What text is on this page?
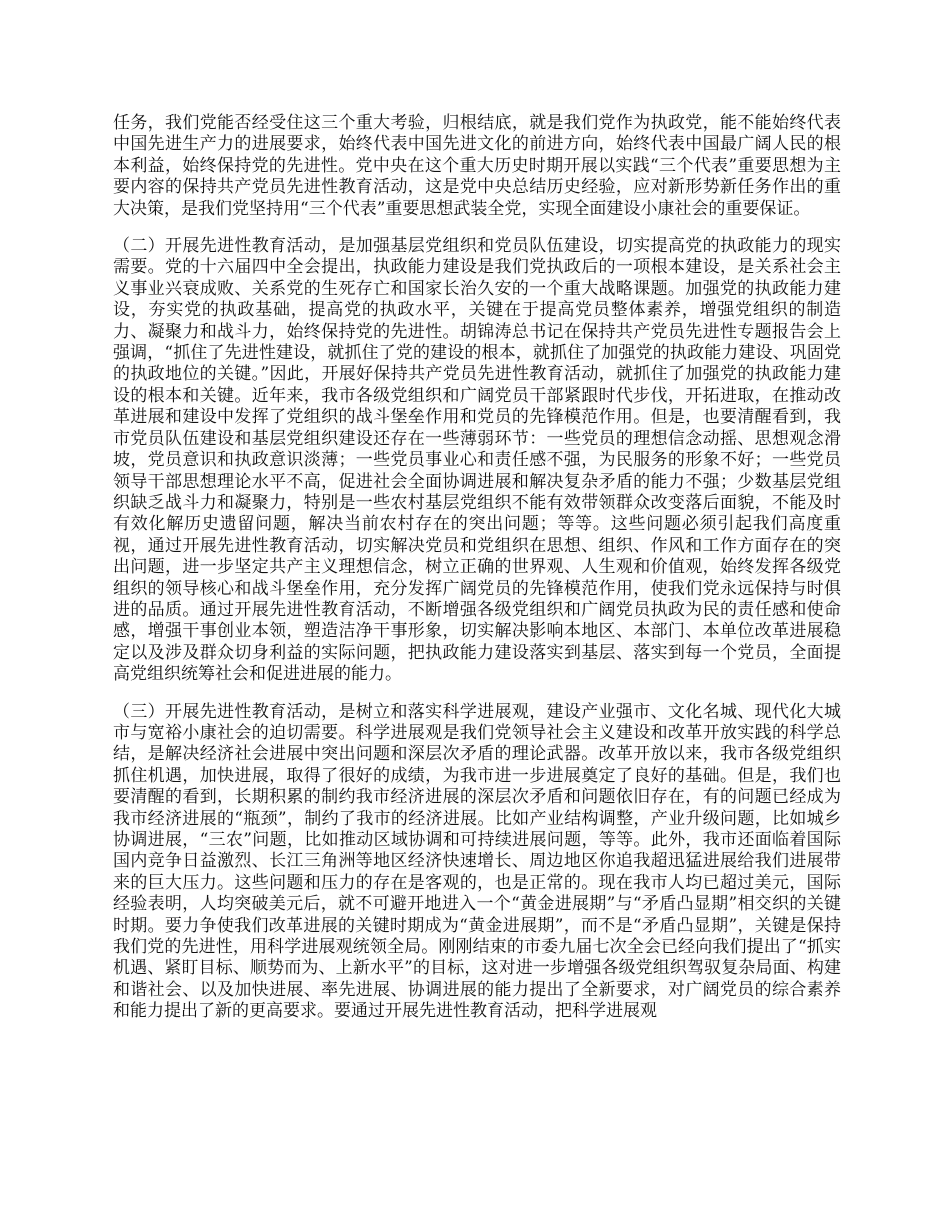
任务，我们党能否经受住这三个重大考验，归根结底，就是我们党作为执政党，能不能始终代表中国先进生产力的进展要求，始终代表中国先进文化的前进方向，始终代表中国最广阔人民的根本利益，始终保持党的先进性。党中央在这个重大历史时期开展以实践“三个代表”重要思想为主要内容的保持共产党员先进性教育活动，这是党中央总结历史经验，应对新形势新任务作出的重大决策，是我们党坚持用“三个代表”重要思想武装全党，实现全面建设小康社会的重要保证。

（二）开展先进性教育活动，是加强基层党组织和党员队伍建设，切实提高党的执政能力的现实需要。党的十六届四中全会提出，执政能力建设是我们党执政后的一项根本建设，是关系社会主义事业兴衰成败、关系党的生死存亡和国家长治久安的一个重大战略课题。加强党的执政能力建设，夯实党的执政基础，提高党的执政水平，关键在于提高党员整体素养，增强党组织的制造力、凝聚力和战斗力，始终保持党的先进性。胡锦涛总书记在保持共产党员先进性专题报告会上强调，“抓住了先进性建设，就抓住了党的建设的根本，就抓住了加强党的执政能力建设、巩固党的执政地位的关键。”因此，开展好保持共产党员先进性教育活动，就抓住了加强党的执政能力建设的根本和关键。近年来，我市各级党组织和广阔党员干部紧跟时代步伐，开拓进取，在推动改革进展和建设中发挥了党组织的战斗堡垒作用和党员的先锋模范作用。但是，也要清醒看到，我市党员队伍建设和基层党组织建设还存在一些薄弱环节：一些党员的理想信念动摇、思想观念滑坡，党员意识和执政意识淡薄；一些党员事业心和责任感不强，为民服务的形象不好；一些党员领导干部思想理论水平不高，促进社会全面协调进展和解决复杂矛盾的能力不强；少数基层党组织缺乏战斗力和凝聚力，特别是一些农村基层党组织不能有效带领群众改变落后面貌，不能及时有效化解历史遗留问题，解决当前农村存在的突出问题；等等。这些问题必须引起我们高度重视，通过开展先进性教育活动，切实解决党员和党组织在思想、组织、作风和工作方面存在的突出问题，进一步坚定共产主义理想信念，树立正确的世界观、人生观和价值观，始终发挥各级党组织的领导核心和战斗堡垒作用，充分发挥广阔党员的先锋模范作用，使我们党永远保持与时俱进的品质。通过开展先进性教育活动，不断增强各级党组织和广阔党员执政为民的责任感和使命感，增强干事创业本领，塑造洁净干事形象，切实解决影响本地区、本部门、本单位改革进展稳定以及涉及群众切身利益的实际问题，把执政能力建设落实到基层、落实到每一个党员，全面提高党组织统筹社会和促进进展的能力。

（三）开展先进性教育活动，是树立和落实科学进展观，建设产业强市、文化名城、现代化大城市与宽裕小康社会的迫切需要。科学进展观是我们党领导社会主义建设和改革开放实践的科学总结，是解决经济社会进展中突出问题和深层次矛盾的理论武器。改革开放以来，我市各级党组织抓住机遇，加快进展，取得了很好的成绩，为我市进一步进展奠定了良好的基础。但是，我们也要清醒的看到，长期积累的制约我市经济进展的深层次矛盾和问题依旧存在，有的问题已经成为我市经济进展的“瓶颈”，制约了我市的经济进展。比如产业结构调整，产业升级问题，比如城乡协调进展，“三农”问题，比如推动区域协调和可持续进展问题，等等。此外，我市还面临着国际国内竞争日益激烈、长江三角洲等地区经济快速增长、周边地区你追我超迅猛进展给我们进展带来的巨大压力。这些问题和压力的存在是客观的，也是正常的。现在我市人均已超过美元，国际经验表明，人均突破美元后，就不可避开地进入一个“黄金进展期”与“矛盾凸显期”相交织的关键时期。要力争使我们改革进展的关键时期成为“黄金进展期”，而不是“矛盾凸显期”，关键是保持我们党的先进性，用科学进展观统领全局。刚刚结束的市委九届七次全会已经向我们提出了“抓实机遇、紧盯目标、顺势而为、上新水平”的目标，这对进一步增强各级党组织驾驭复杂局面、构建和谐社会、以及加快进展、率先进展、协调进展的能力提出了全新要求，对广阔党员的综合素养和能力提出了新的更高要求。要通过开展先进性教育活动，把科学进展观
